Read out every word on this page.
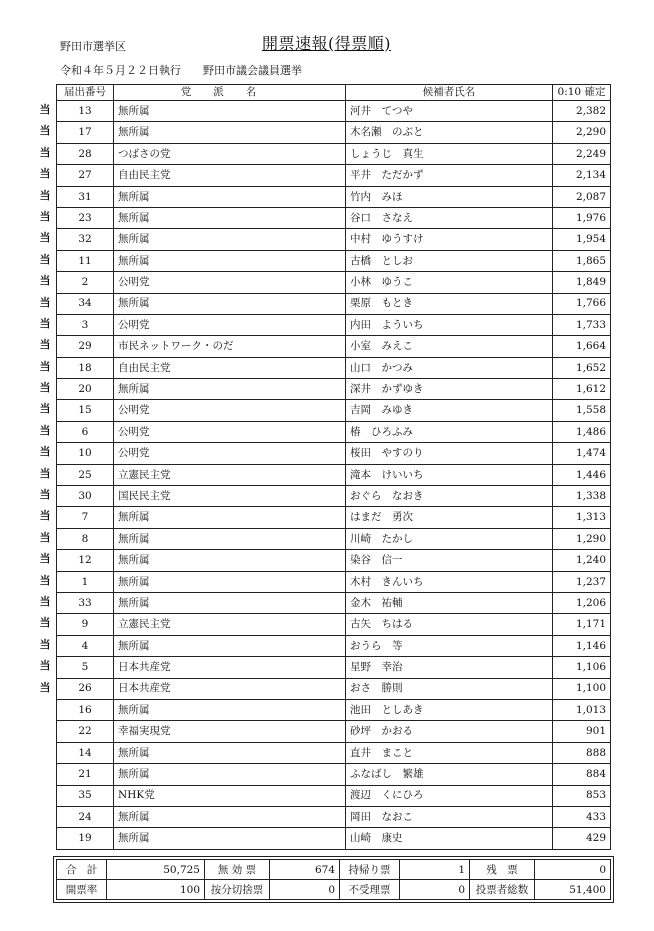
野田市選挙区	開票速報(得票順)
令和４年５月２２日執行　　 野田市議会議員選挙
当
当
当
当
当
当
当
当
当
当
当
当
当
当
当
当
当
当
当
当
当
当
当
当
当
当
当
当
届出番号	党派名	候補者氏名	0:10 確定
13	無所属	河井　てつや	2,382
17	無所属	木名瀬　のぶと	2,290
28	つばさの党	しょうじ　真生	2,249
27	自由民主党	平井　ただかず	2,134
31	無所属	竹内　みほ	2,087
23	無所属	谷口　さなえ	1,976
32	無所属	中村　ゆうすけ	1,954
11	無所属	古橋　としお	1,865
2	公明党	小林　ゆうこ	1,849
34	無所属	栗原　もとき	1,766
3	公明党	内田　よういち	1,733
29	市民ネットワーク・のだ	小室　みえこ	1,664
18	自由民主党	山口　かつみ	1,652
20	無所属	深井　かずゆき	1,612
15	公明党	吉岡　みゆき	1,558
6	公明党	椿　ひろふみ	1,486
10	公明党	桜田　やすのり	1,474
25	立憲民主党	滝本　けいいち	1,446
30	国民民主党	おぐら　なおき	1,338
7	無所属	はまだ　勇次	1,313
8	無所属	川崎　たかし	1,290
12	無所属	染谷　信一	1,240
1	無所属	木村　きんいち	1,237
33	無所属	金木　祐輔	1,206
9	立憲民主党	古矢　ちはる	1,171
4	無所属	おうら　等	1,146
5	日本共産党	星野　幸治	1,106
26	日本共産党	おさ　勝則	1,100
16	無所属	池田　としあき	1,013
22	幸福実現党	砂坪　かおる	901
14	無所属	直井　まこと	888
21	無所属	ふなばし　繁雄	884
35	NHK党	渡辺　くにひろ	853
24	無所属	岡田　なおこ	433
19	無所属	山崎　康史	429
合　計	50,725	無 効 票	674	持帰り票	1	残　票	0
開票率	100	按分切捨票	0	不受理票	0	投票者総数	51,400
